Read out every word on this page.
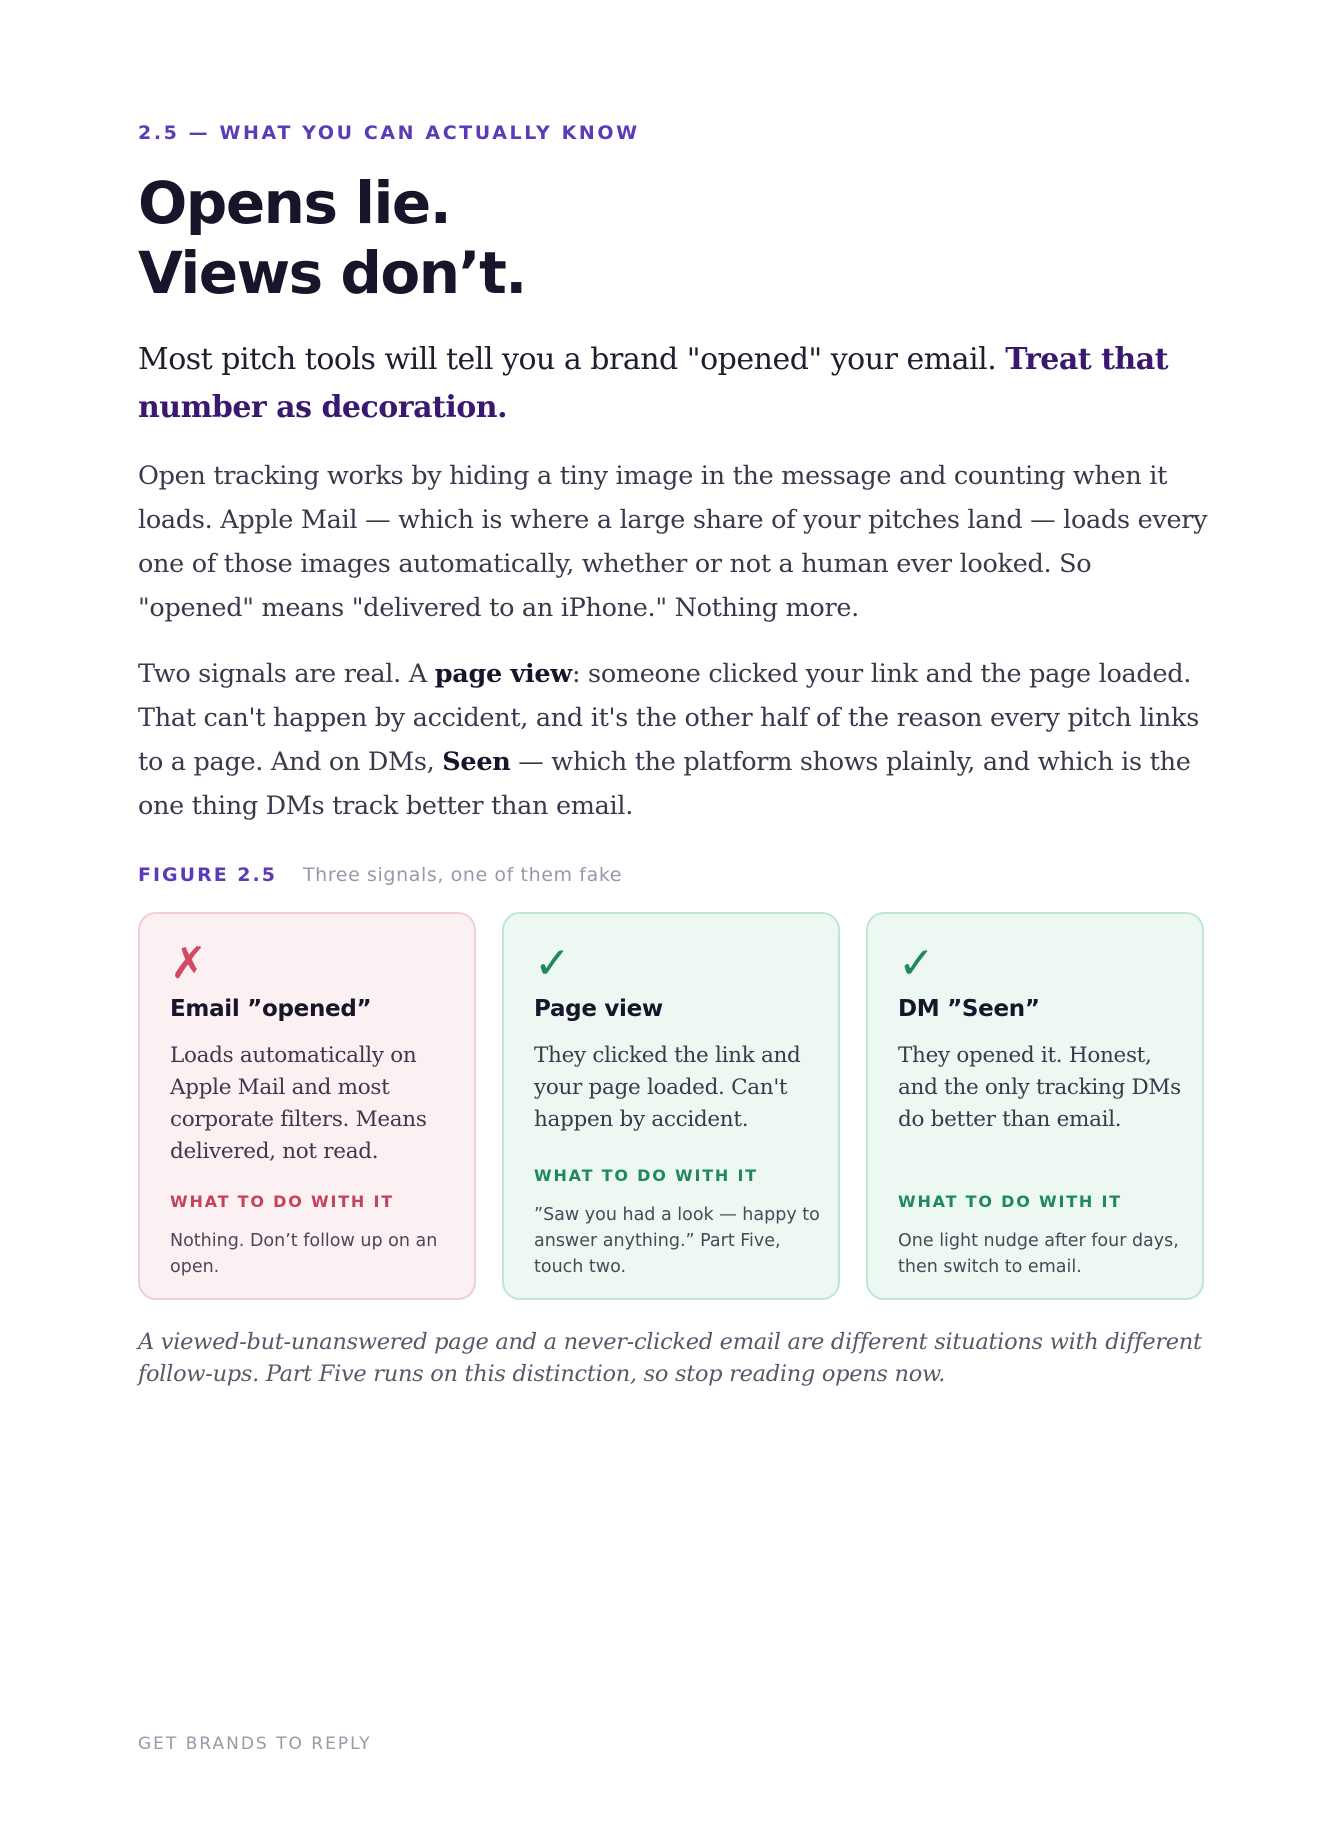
2.5 — WHAT YOU CAN ACTUALLY KNOW
Opens lie.
Views don’t.

Most pitch tools will tell you a brand "opened" your email. Treat that number as decoration.

Open tracking works by hiding a tiny image in the message and counting when it loads. Apple Mail — which is where a large share of your pitches land — loads every one of those images automatically, whether or not a human ever looked. So "opened" means "delivered to an iPhone." Nothing more.

Two signals are real. A page view: someone clicked your link and the page loaded. That can't happen by accident, and it's the other half of the reason every pitch links to a page. And on DMs, Seen — which the platform shows plainly, and which is the one thing DMs track better than email.

FIGURE 2.5 Three signals, one of them fake
✗
Email ”opened”

Loads automatically on Apple Mail and most corporate filters. Means delivered, not read.

WHAT TO DO WITH IT

Nothing. Don’t follow up on an open.

✓
Page view

They clicked the link and your page loaded. Can't happen by accident.

WHAT TO DO WITH IT

”Saw you had a look — happy to answer anything.” Part Five, touch two.

✓
DM ”Seen”

They opened it. Honest, and the only tracking DMs do better than email.

WHAT TO DO WITH IT

One light nudge after four days, then switch to email.

A viewed-but-unanswered page and a never-clicked email are different situations with different follow-ups. Part Five runs on this distinction, so stop reading opens now.

GET BRANDS TO REPLY
